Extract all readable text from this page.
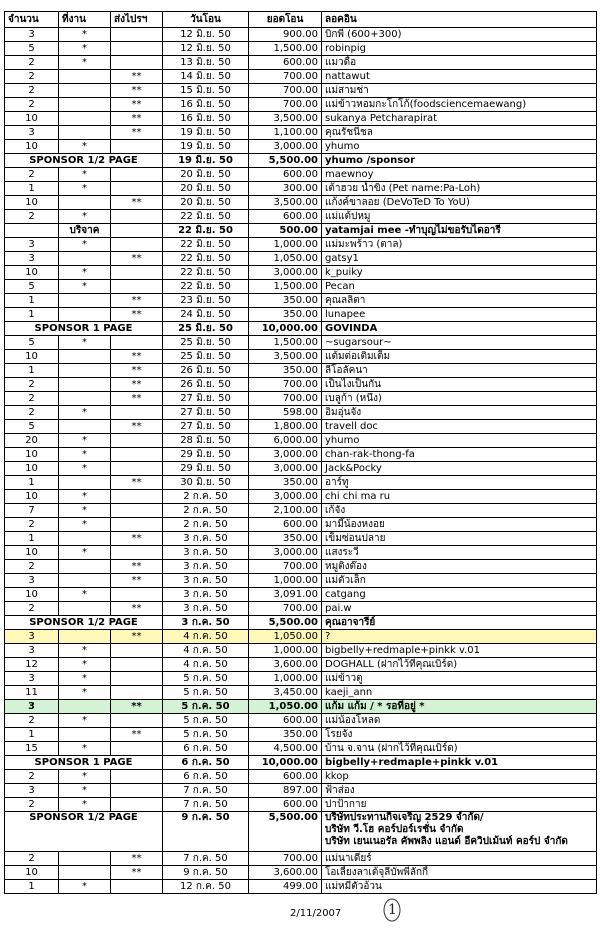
จำนวน	ที่งาน	ส่งไปรฯ	วันโอน	ยอดโอน	ลอคอิน
3	*		12 มิ.ย. 50	900.00	บิกพี (600+300)
5	*		12 มิ.ย. 50	1,500.00	robinpig
2	*		13 มิ.ย. 50	600.00	แมวดื้อ
2		**	14 มิ.ย. 50	700.00	nattawut
2		**	15 มิ.ย. 50	700.00	แม่สามช่า
2		**	16 มิ.ย. 50	700.00	แม่ข้าวหอมกะโกโก้(foodsciencemaewang)
10		**	16 มิ.ย. 50	3,500.00	sukanya Petcharapirat
3		**	19 มิ.ย. 50	1,100.00	คุณรัชนีชล
10	*		19 มิ.ย. 50	3,000.00	yhumo
SPONSOR 1/2 PAGE			19 มิ.ย. 50	5,500.00	yhumo /sponsor
2	*		20 มิ.ย. 50	600.00	maewnoy
1	*		20 มิ.ย. 50	300.00	เต้าฮวย น้ำขิง (Pet name:Pa-Loh)
10		**	20 มิ.ย. 50	3,500.00	แก้งค์ขาลอย (DeVoTeD To YoU)
2	*		22 มิ.ย. 50	600.00	แม่แต้ปหมู
	บริจาค		22 มิ.ย. 50	500.00	yatamjai mee -ทำบุญไม่ขอรับไดอารี
3	*		22 มิ.ย. 50	1,000.00	แม่มะพร้าว (ตาล)
3		**	22 มิ.ย. 50	1,050.00	gatsy1
10	*		22 มิ.ย. 50	3,000.00	k_puiky
5	*		22 มิ.ย. 50	1,500.00	Pecan
1		**	23 มิ.ย. 50	350.00	คุณลลิตา
1		**	24 มิ.ย. 50	350.00	lunapee
SPONSOR 1 PAGE			25 มิ.ย. 50	10,000.00	GOVINDA
5	*		25 มิ.ย. 50	1,500.00	~sugarsour~
10		**	25 มิ.ย. 50	3,500.00	แต้มต่อเติมเต็ม
1		**	26 มิ.ย. 50	350.00	ลีโอลัคนา
2		**	26 มิ.ย. 50	700.00	เป็นไงเป็นกัน
2		**	27 มิ.ย. 50	700.00	เบลูก้า (หนึ่ง)
2	*		27 มิ.ย. 50	598.00	อิ่มอุ่นจัง
5		**	27 มิ.ย. 50	1,800.00	travell doc
20	*		28 มิ.ย. 50	6,000.00	yhumo
10	*		29 มิ.ย. 50	3,000.00	chan-rak-thong-fa
10	*		29 มิ.ย. 50	3,000.00	Jack&Pocky
1		**	30 มิ.ย. 50	350.00	อาร์ทู
10	*		2 ก.ค. 50	3,000.00	chi chi ma ru
7	*		2 ก.ค. 50	2,100.00	เก้จัง
2	*		2 ก.ค. 50	600.00	มามี๊น้องหงอย
1		**	3 ก.ค. 50	350.00	เข็มซ่อนปลาย
10	*		3 ก.ค. 50	3,000.00	แสงระวี
2		**	3 ก.ค. 50	700.00	หมูติงต๊อง
3		**	3 ก.ค. 50	1,000.00	แม่ตัวเล็ก
10	*		3 ก.ค. 50	3,091.00	catgang
2		**	3 ก.ค. 50	700.00	pai.w
SPONSOR 1/2 PAGE			3 ก.ค. 50	5,500.00	คุณอาจารีย์
3		**	4 ก.ค. 50	1,050.00	?
3	*		4 ก.ค. 50	1,000.00	bigbelly+redmaple+pinkk v.01
12	*		4 ก.ค. 50	3,600.00	DOGHALL (ฝากไว้ที่คุณเบิร์ด)
3	*		5 ก.ค. 50	1,000.00	แม่ข้าวตู
11	*		5 ก.ค. 50	3,450.00	kaeji_ann
3		**	5 ก.ค. 50	1,050.00	แก้ม แก้ม / * รอที่อยู่ *
2	*		5 ก.ค. 50	600.00	แม่น้องโหลด
1		**	5 ก.ค. 50	350.00	โรยจัง
15	*		6 ก.ค. 50	4,500.00	บ้าน จ.จาน (ฝากไว้ที่คุณเบิร์ด)
SPONSOR 1 PAGE			6 ก.ค. 50	10,000.00	bigbelly+redmaple+pinkk v.01
2	*		6 ก.ค. 50	600.00	kkop
3	*		7 ก.ค. 50	897.00	ฟ้าส่อง
2	*		7 ก.ค. 50	600.00	ปาป้ากาย
SPONSOR 1/2 PAGE			9 ก.ค. 50	5,500.00	บริษัทประทานกิจเจริญ 2529 จำกัด/
บริษัท วี.โฮ คอร์ปอร์เรชั่น จำกัด
บริษัท เยนเนอรัล คัพพลิง แอนด์ อีควิปเม้นท์ คอร์ป จำกัด

2		**	7 ก.ค. 50	700.00	แม่นาเดียร์
10		**	9 ก.ค. 50	3,600.00	โอเลี้ยงลาเต้จุลีบัพพี่ลักกี้
1	*		12 ก.ค. 50	499.00	แม่หมีตัวอ้วน
2/11/2007	1
